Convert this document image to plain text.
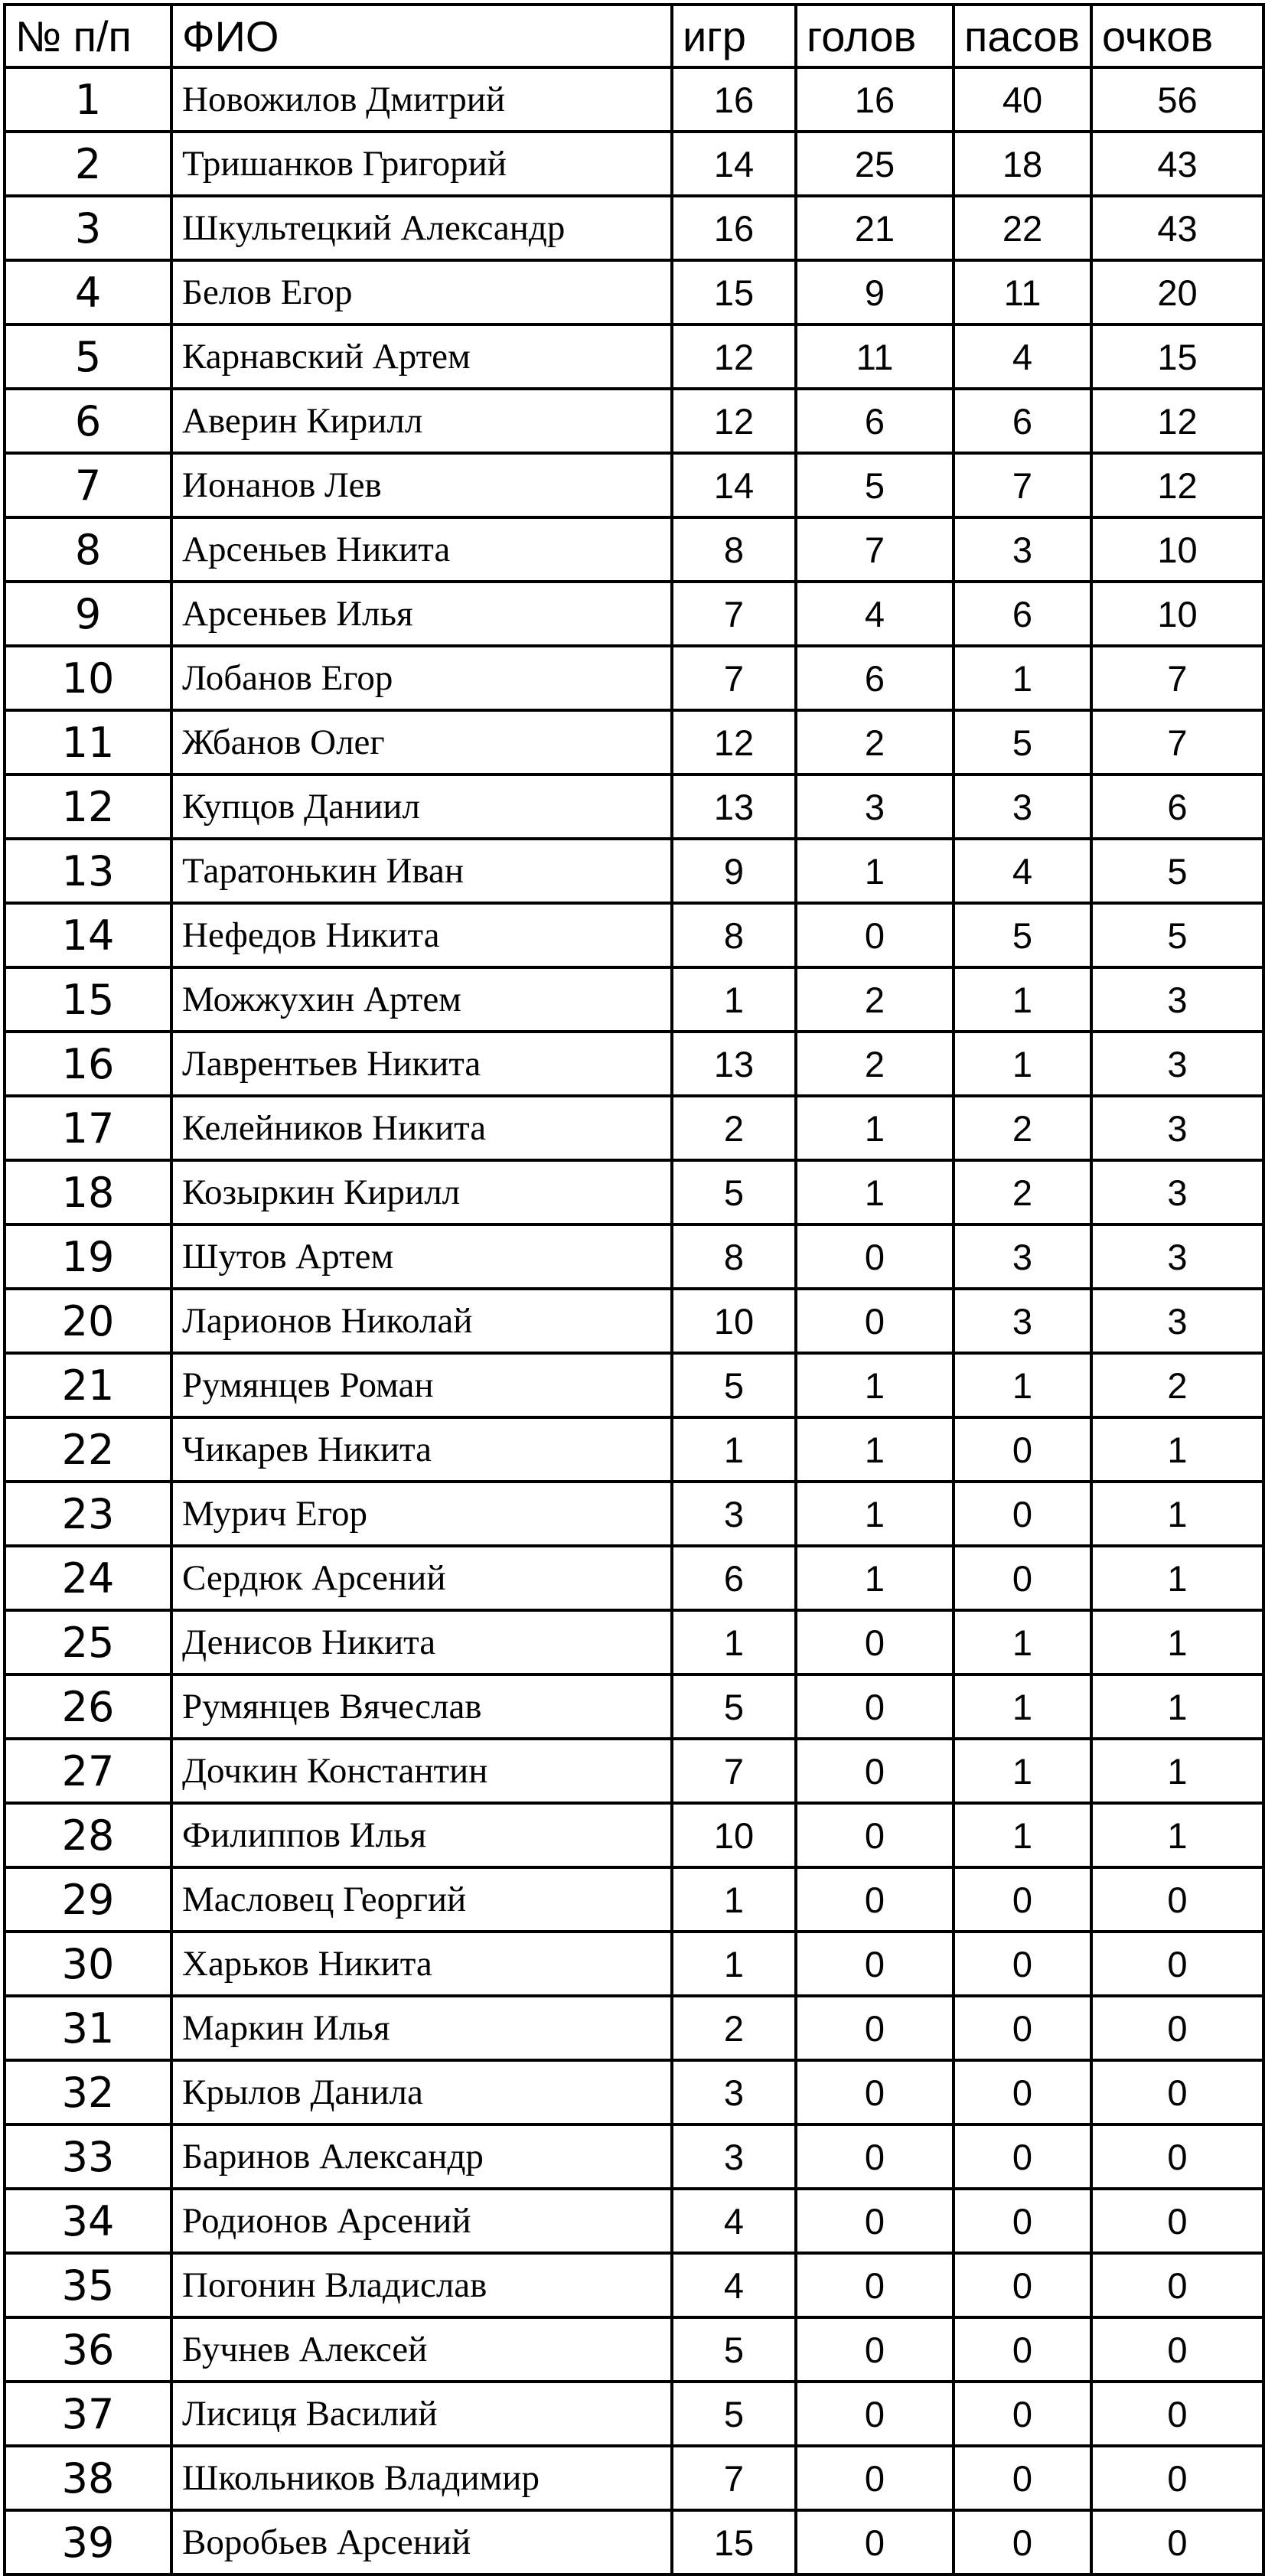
№ п/п	ФИО	игр	голов	пасов	очков
1	Новожилов Дмитрий	16	16	40	56
2	Тришанков Григорий	14	25	18	43
3	Шкультецкий Александр	16	21	22	43
4	Белов Егор	15	9	11	20
5	Карнавский Артем	12	11	4	15
6	Аверин Кирилл	12	6	6	12
7	Ионанов Лев	14	5	7	12
8	Арсеньев Никита	8	7	3	10
9	Арсеньев Илья	7	4	6	10
10	Лобанов Егор	7	6	1	7
11	Жбанов Олег	12	2	5	7
12	Купцов Даниил	13	3	3	6
13	Таратонькин Иван	9	1	4	5
14	Нефедов Никита	8	0	5	5
15	Можжухин Артем	1	2	1	3
16	Лаврентьев Никита	13	2	1	3
17	Келейников Никита	2	1	2	3
18	Козыркин Кирилл	5	1	2	3
19	Шутов Артем	8	0	3	3
20	Ларионов Николай	10	0	3	3
21	Румянцев Роман	5	1	1	2
22	Чикарев Никита	1	1	0	1
23	Мурич Егор	3	1	0	1
24	Сердюк Арсений	6	1	0	1
25	Денисов Никита	1	0	1	1
26	Румянцев Вячеслав	5	0	1	1
27	Дочкин Константин	7	0	1	1
28	Филиппов Илья	10	0	1	1
29	Масловец Георгий	1	0	0	0
30	Харьков Никита	1	0	0	0
31	Маркин Илья	2	0	0	0
32	Крылов Данила	3	0	0	0
33	Баринов Александр	3	0	0	0
34	Родионов Арсений	4	0	0	0
35	Погонин Владислав	4	0	0	0
36	Бучнев Алексей	5	0	0	0
37	Лисиця Василий	5	0	0	0
38	Школьников Владимир	7	0	0	0
39	Воробьев Арсений	15	0	0	0
